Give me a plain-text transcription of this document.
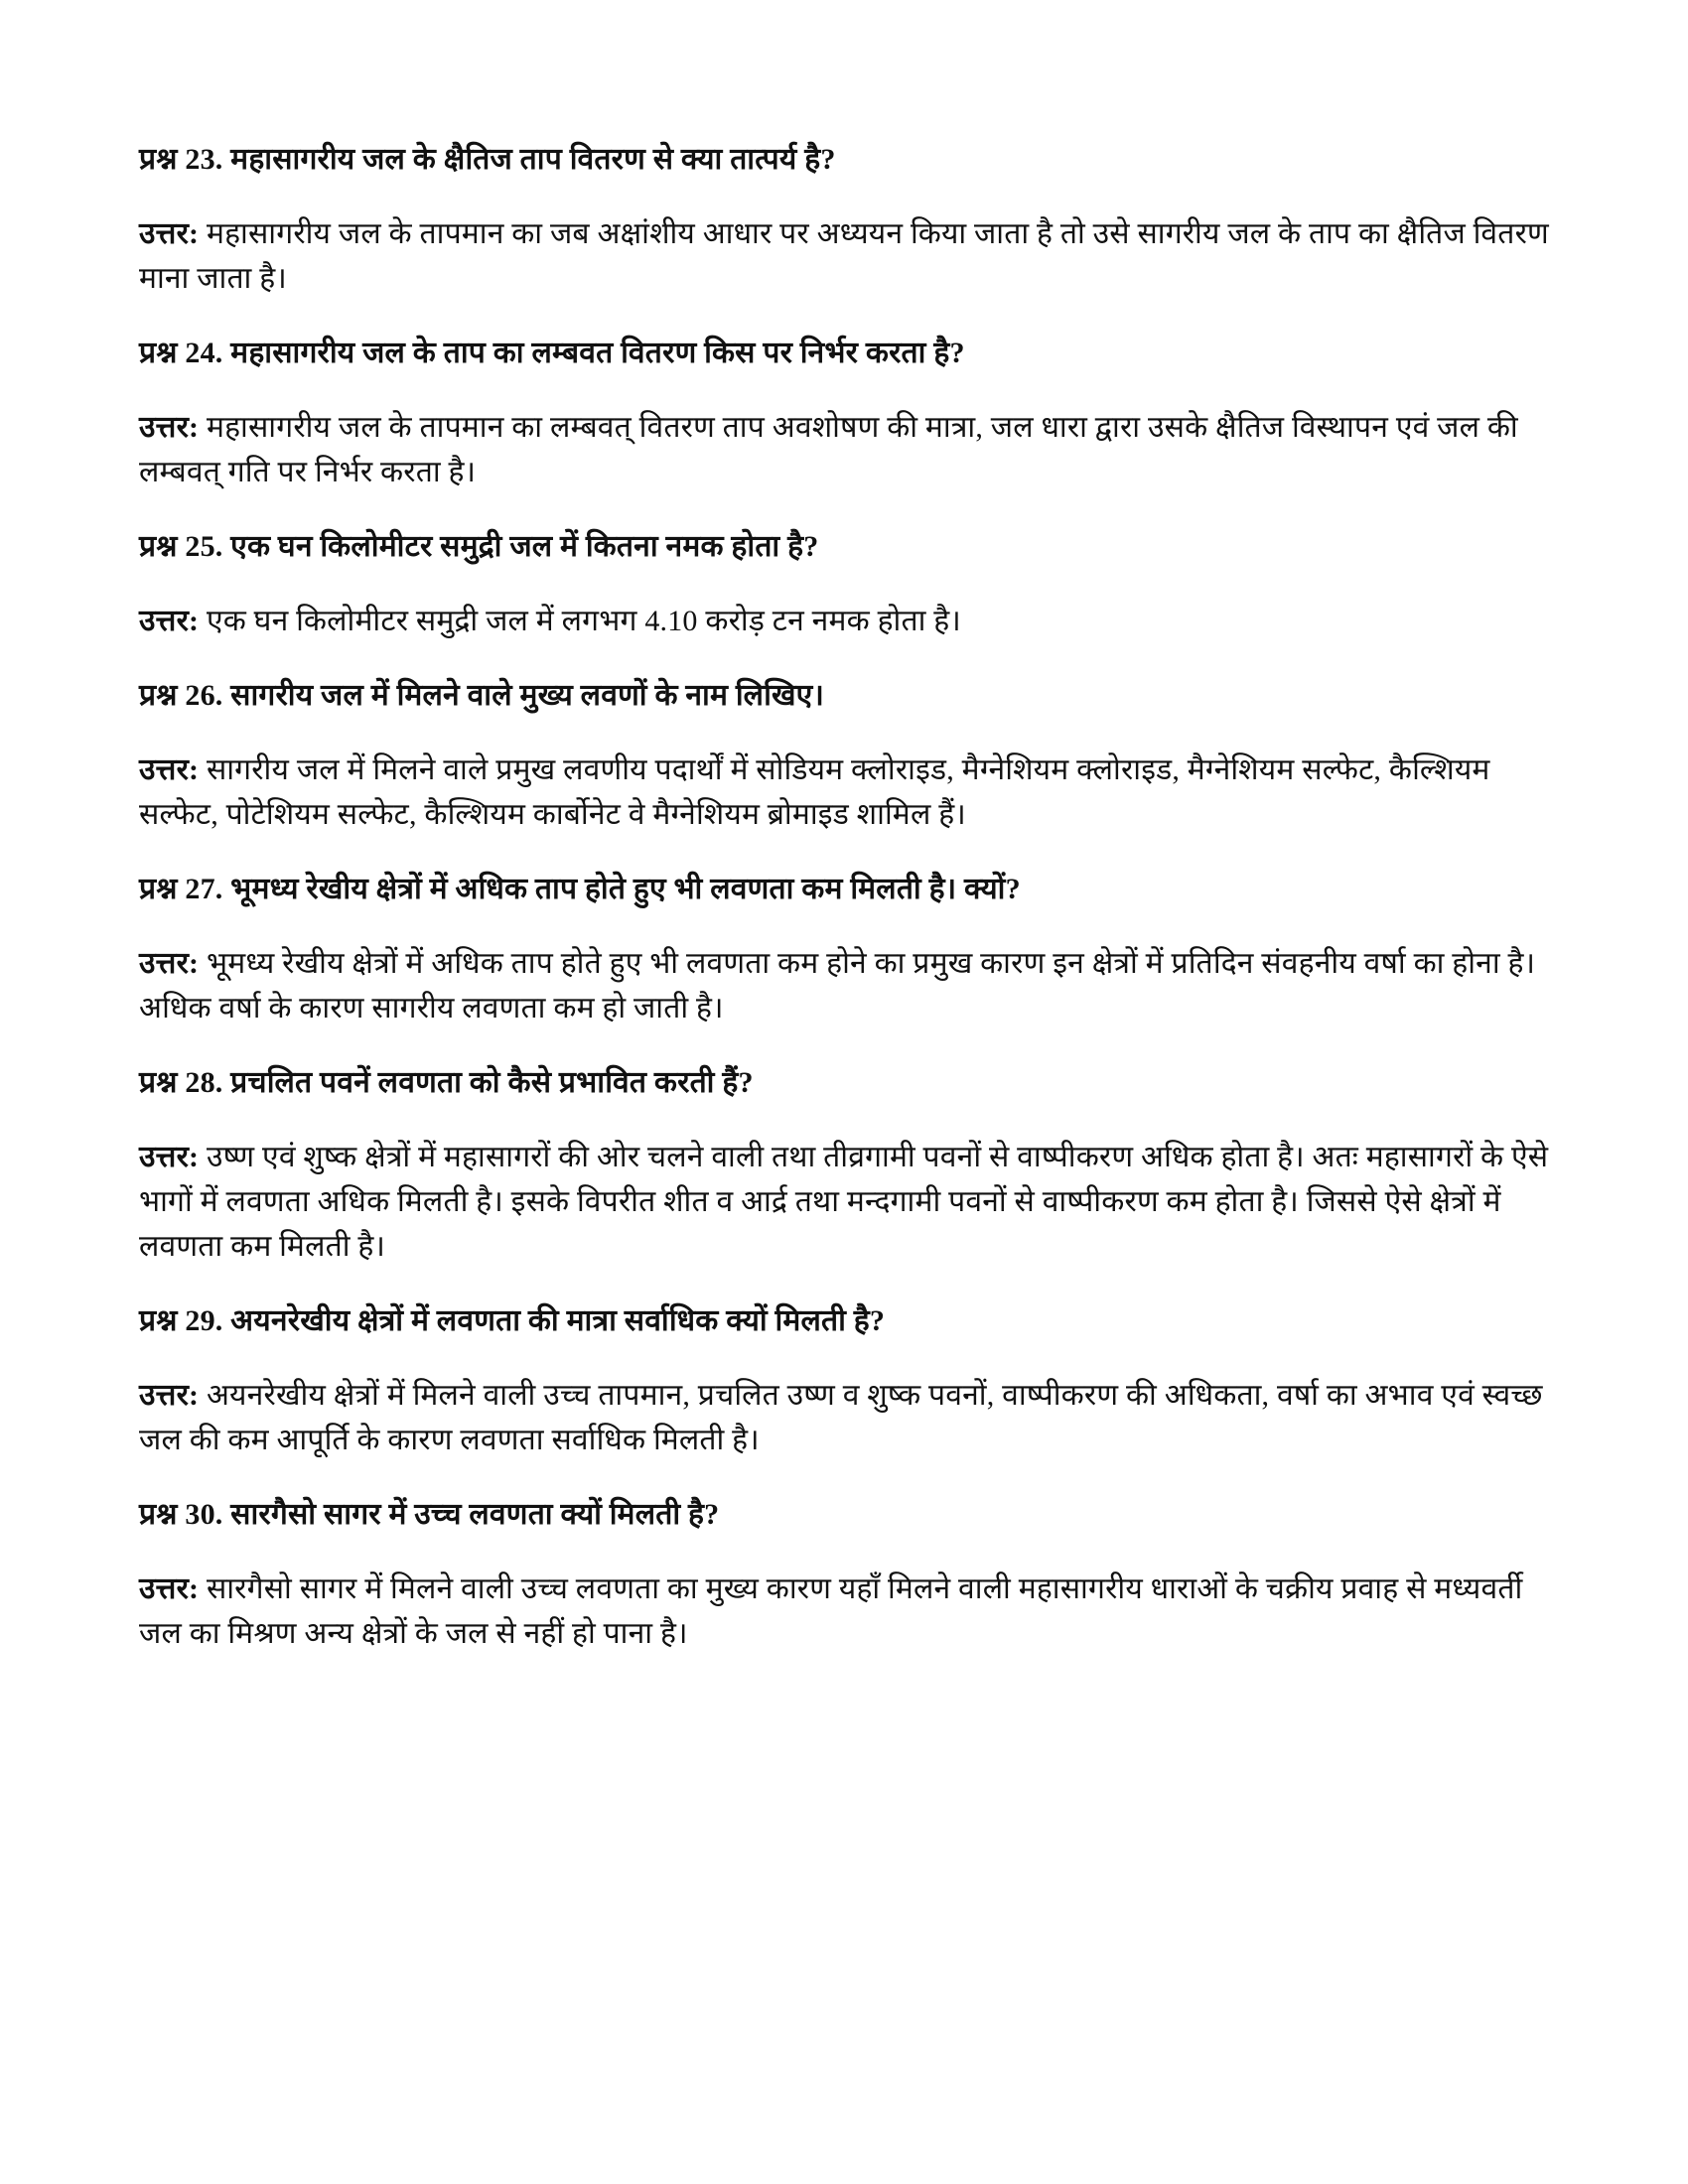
प्रश्न 23. महासागरीय जल के क्षैतिज ताप वितरण से क्या तात्पर्य है?

उत्तर: महासागरीय जल के तापमान का जब अक्षांशीय आधार पर अध्ययन किया जाता है तो उसे सागरीय जल के ताप का क्षैतिज वितरण माना जाता है।

प्रश्न 24. महासागरीय जल के ताप का लम्बवत वितरण किस पर निर्भर करता है?

उत्तर: महासागरीय जल के तापमान का लम्बवत् वितरण ताप अवशोषण की मात्रा, जल धारा द्वारा उसके क्षैतिज विस्थापन एवं जल की लम्बवत् गति पर निर्भर करता है।

प्रश्न 25. एक घन किलोमीटर समुद्री जल में कितना नमक होता है?

उत्तर: एक घन किलोमीटर समुद्री जल में लगभग 4.10 करोड़ टन नमक होता है।

प्रश्न 26. सागरीय जल में मिलने वाले मुख्य लवणों के नाम लिखिए।

उत्तर: सागरीय जल में मिलने वाले प्रमुख लवणीय पदार्थों में सोडियम क्लोराइड, मैग्नेशियम क्लोराइड, मैग्नेशियम सल्फेट, कैल्शियम सल्फेट, पोटेशियम सल्फेट, कैल्शियम कार्बोनेट वे मैग्नेशियम ब्रोमाइड शामिल हैं।

प्रश्न 27. भूमध्य रेखीय क्षेत्रों में अधिक ताप होते हुए भी लवणता कम मिलती है। क्यों?

उत्तर: भूमध्य रेखीय क्षेत्रों में अधिक ताप होते हुए भी लवणता कम होने का प्रमुख कारण इन क्षेत्रों में प्रतिदिन संवहनीय वर्षा का होना है। अधिक वर्षा के कारण सागरीय लवणता कम हो जाती है।

प्रश्न 28. प्रचलित पवनें लवणता को कैसे प्रभावित करती हैं?

उत्तर: उष्ण एवं शुष्क क्षेत्रों में महासागरों की ओर चलने वाली तथा तीव्रगामी पवनों से वाष्पीकरण अधिक होता है। अतः महासागरों के ऐसे भागों में लवणता अधिक मिलती है। इसके विपरीत शीत व आर्द्र तथा मन्दगामी पवनों से वाष्पीकरण कम होता है। जिससे ऐसे क्षेत्रों में लवणता कम मिलती है।

प्रश्न 29. अयनरेखीय क्षेत्रों में लवणता की मात्रा सर्वाधिक क्यों मिलती है?

उत्तर: अयनरेखीय क्षेत्रों में मिलने वाली उच्च तापमान, प्रचलित उष्ण व शुष्क पवनों, वाष्पीकरण की अधिकता, वर्षा का अभाव एवं स्वच्छ जल की कम आपूर्ति के कारण लवणता सर्वाधिक मिलती है।

प्रश्न 30. सारगैसो सागर में उच्च लवणता क्यों मिलती है?

उत्तर: सारगैसो सागर में मिलने वाली उच्च लवणता का मुख्य कारण यहाँ मिलने वाली महासागरीय धाराओं के चक्रीय प्रवाह से मध्यवर्ती जल का मिश्रण अन्य क्षेत्रों के जल से नहीं हो पाना है।
